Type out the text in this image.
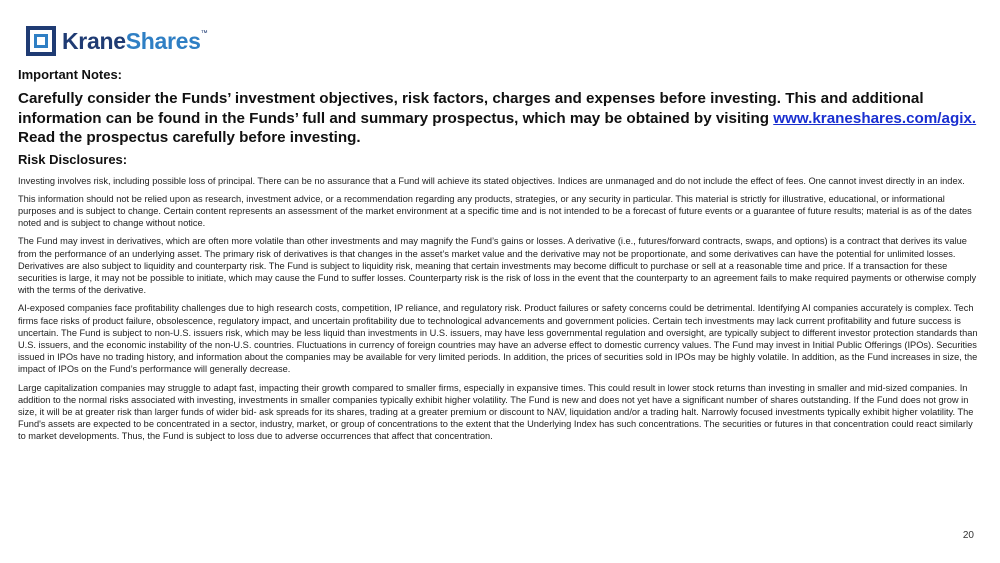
KraneShares™
Important Notes:

Carefully consider the Funds’ investment objectives, risk factors, charges and expenses before investing. This and additional information can be found in the Funds’ full and summary prospectus, which may be obtained by visiting www.kraneshares.com/agix. Read the prospectus carefully before investing.

Risk Disclosures:

Investing involves risk, including possible loss of principal. There can be no assurance that a Fund will achieve its stated objectives. Indices are unmanaged and do not include the effect of fees. One cannot invest directly in an index.

This information should not be relied upon as research, investment advice, or a recommendation regarding any products, strategies, or any security in particular. This material is strictly for illustrative, educational, or informational purposes and is subject to change. Certain content represents an assessment of the market environment at a specific time and is not intended to be a forecast of future events or a guarantee of future results; material is as of the dates noted and is subject to change without notice.

The Fund may invest in derivatives, which are often more volatile than other investments and may magnify the Fund’s gains or losses. A derivative (i.e., futures/forward contracts, swaps, and options) is a contract that derives its value from the performance of an underlying asset. The primary risk of derivatives is that changes in the asset’s market value and the derivative may not be proportionate, and some derivatives can have the potential for unlimited losses. Derivatives are also subject to liquidity and counterparty risk. The Fund is subject to liquidity risk, meaning that certain investments may become difficult to purchase or sell at a reasonable time and price. If a transaction for these securities is large, it may not be possible to initiate, which may cause the Fund to suffer losses. Counterparty risk is the risk of loss in the event that the counterparty to an agreement fails to make required payments or otherwise comply with the terms of the derivative.

AI-exposed companies face profitability challenges due to high research costs, competition, IP reliance, and regulatory risk. Product failures or safety concerns could be detrimental. Identifying AI companies accurately is complex. Tech firms face risks of product failure, obsolescence, regulatory impact, and uncertain profitability due to technological advancements and government policies. Certain tech investments may lack current profitability and future success is uncertain. The Fund is subject to non-U.S. issuers risk, which may be less liquid than investments in U.S. issuers, may have less governmental regulation and oversight, are typically subject to different investor protection standards than U.S. issuers, and the economic instability of the non-U.S. countries. Fluctuations in currency of foreign countries may have an adverse effect to domestic currency values. The Fund may invest in Initial Public Offerings (IPOs). Securities issued in IPOs have no trading history, and information about the companies may be available for very limited periods. In addition, the prices of securities sold in IPOs may be highly volatile. In addition, as the Fund increases in size, the impact of IPOs on the Fund’s performance will generally decrease.

Large capitalization companies may struggle to adapt fast, impacting their growth compared to smaller firms, especially in expansive times. This could result in lower stock returns than investing in smaller and mid-sized companies. In addition to the normal risks associated with investing, investments in smaller companies typically exhibit higher volatility. The Fund is new and does not yet have a significant number of shares outstanding. If the Fund does not grow in size, it will be at greater risk than larger funds of wider bid- ask spreads for its shares, trading at a greater premium or discount to NAV, liquidation and/or a trading halt. Narrowly focused investments typically exhibit higher volatility. The Fund's assets are expected to be concentrated in a sector, industry, market, or group of concentrations to the extent that the Underlying Index has such concentrations. The securities or futures in that concentration could react similarly to market developments. Thus, the Fund is subject to loss due to adverse occurrences that affect that concentration.

20
